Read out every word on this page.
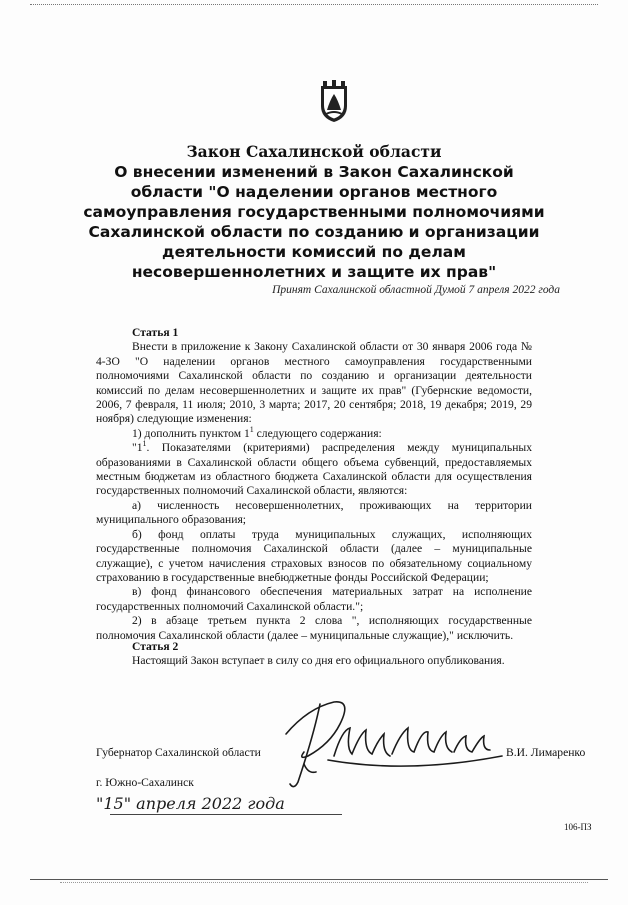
Закон Сахалинской области
О внесении изменений в Закон Сахалинской
области "О наделении органов местного
самоуправления государственными полномочиями
Сахалинской области по созданию и организации
деятельности комиссий по делам
несовершеннолетних и защите их прав"
Принят Сахалинской областной Думой 7 апреля 2022 года

Статья 1

Внести в приложение к Закону Сахалинской области от 30 января 2006 года № 4-ЗО "О наделении органов местного самоуправления государственными полномочиями Сахалинской области по созданию и организации деятельности комиссий по делам несовершеннолетних и защите их прав" (Губернские ведомости, 2006, 7 февраля, 11 июля; 2010, 3 марта; 2017, 20 сентября; 2018, 19 декабря; 2019, 29 ноября) следующие изменения:

1) дополнить пунктом $1^1$ следующего содержания:

"$1^1$. Показателями (критериями) распределения между муниципальных образованиями в Сахалинской области общего объема субвенций, предоставляемых местным бюджетам из областного бюджета Сахалинской области для осуществления государственных полномочий Сахалинской области, являются:

а) численность несовершеннолетних, проживающих на территории муниципального образования;

б) фонд оплаты труда муниципальных служащих, исполняющих государственные полномочия Сахалинской области (далее – муниципальные служащие), с учетом начисления страховых взносов по обязательному социальному страхованию в государственные внебюджетные фонды Российской Федерации;

в) фонд финансового обеспечения материальных затрат на исполнение государственных полномочий Сахалинской области.";

2) в абзаце третьем пункта 2 слова ", исполняющих государственные полномочия Сахалинской области (далее – муниципальные служащие)," исключить.

Статья 2

Настоящий Закон вступает в силу со дня его официального опубликования.

Губернатор Сахалинской области	В.И. Лимаренко
г. Южно-Сахалинск
"15" апреля 2022 года
106-ПЗ
